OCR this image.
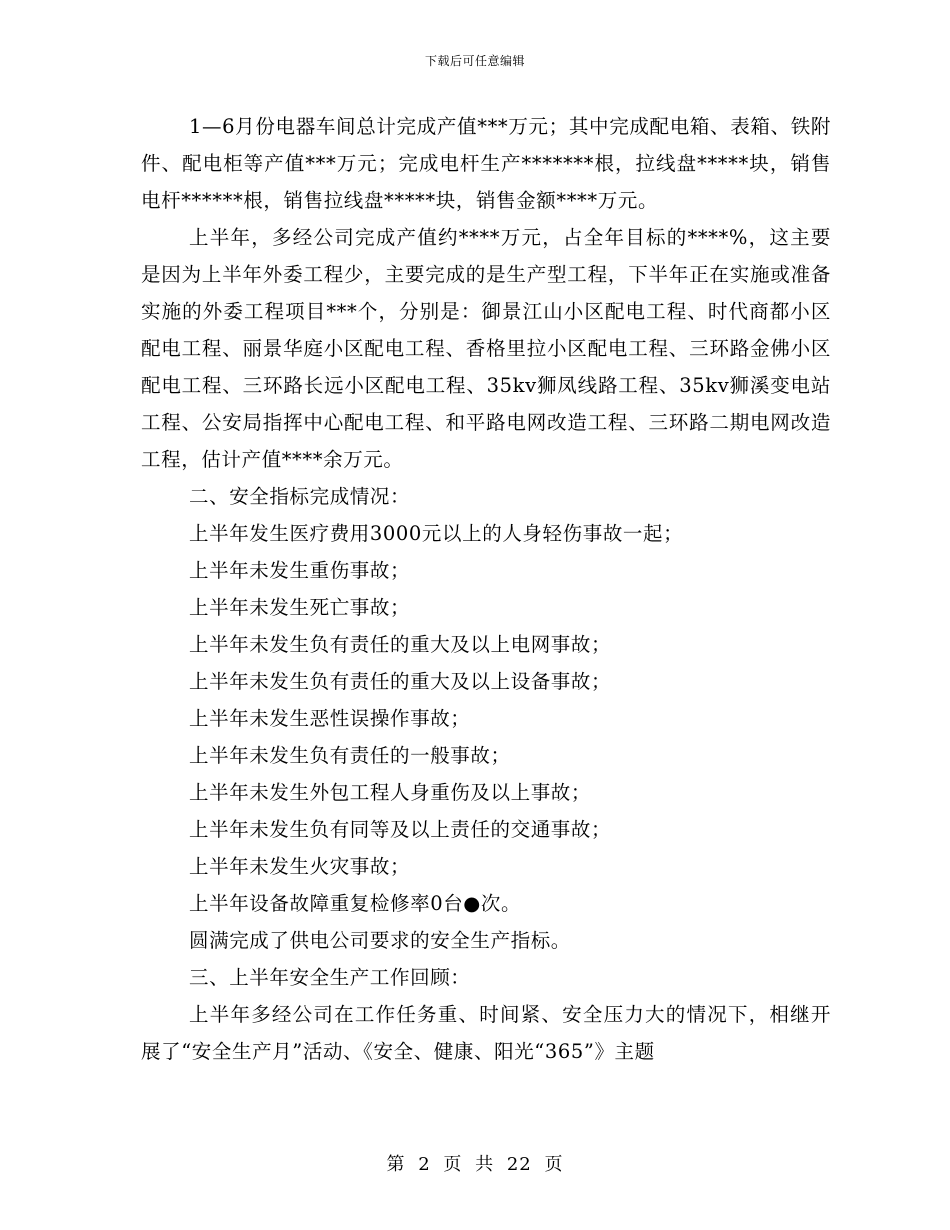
下载后可任意编辑

1—6月份电器车间总计完成产值***万元；其中完成配电箱、表箱、铁附件、配电柜等产值***万元；完成电杆生产*******根，拉线盘*****块，销售电杆******根，销售拉线盘*****块，销售金额****万元。

上半年，多经公司完成产值约****万元，占全年目标的****%，这主要是因为上半年外委工程少，主要完成的是生产型工程，下半年正在实施或准备实施的外委工程项目***个，分别是：御景江山小区配电工程、时代商都小区配电工程、丽景华庭小区配电工程、香格里拉小区配电工程、三环路金佛小区配电工程、三环路长远小区配电工程、35kv狮凤线路工程、35kv狮溪变电站工程、公安局指挥中心配电工程、和平路电网改造工程、三环路二期电网改造工程，估计产值****余万元。

二、安全指标完成情况：

上半年发生医疗费用3000元以上的人身轻伤事故一起；

上半年未发生重伤事故；

上半年未发生死亡事故；

上半年未发生负有责任的重大及以上电网事故；

上半年未发生负有责任的重大及以上设备事故；

上半年未发生恶性误操作事故；

上半年未发生负有责任的一般事故；

上半年未发生外包工程人身重伤及以上事故；

上半年未发生负有同等及以上责任的交通事故；

上半年未发生火灾事故；

上半年设备故障重复检修率0台●次。

圆满完成了供电公司要求的安全生产指标。

三、上半年安全生产工作回顾：

上半年多经公司在工作任务重、时间紧、安全压力大的情况下，相继开展了“安全生产月”活动、《安全、健康、阳光“365”》主题

第 2 页 共 22 页
